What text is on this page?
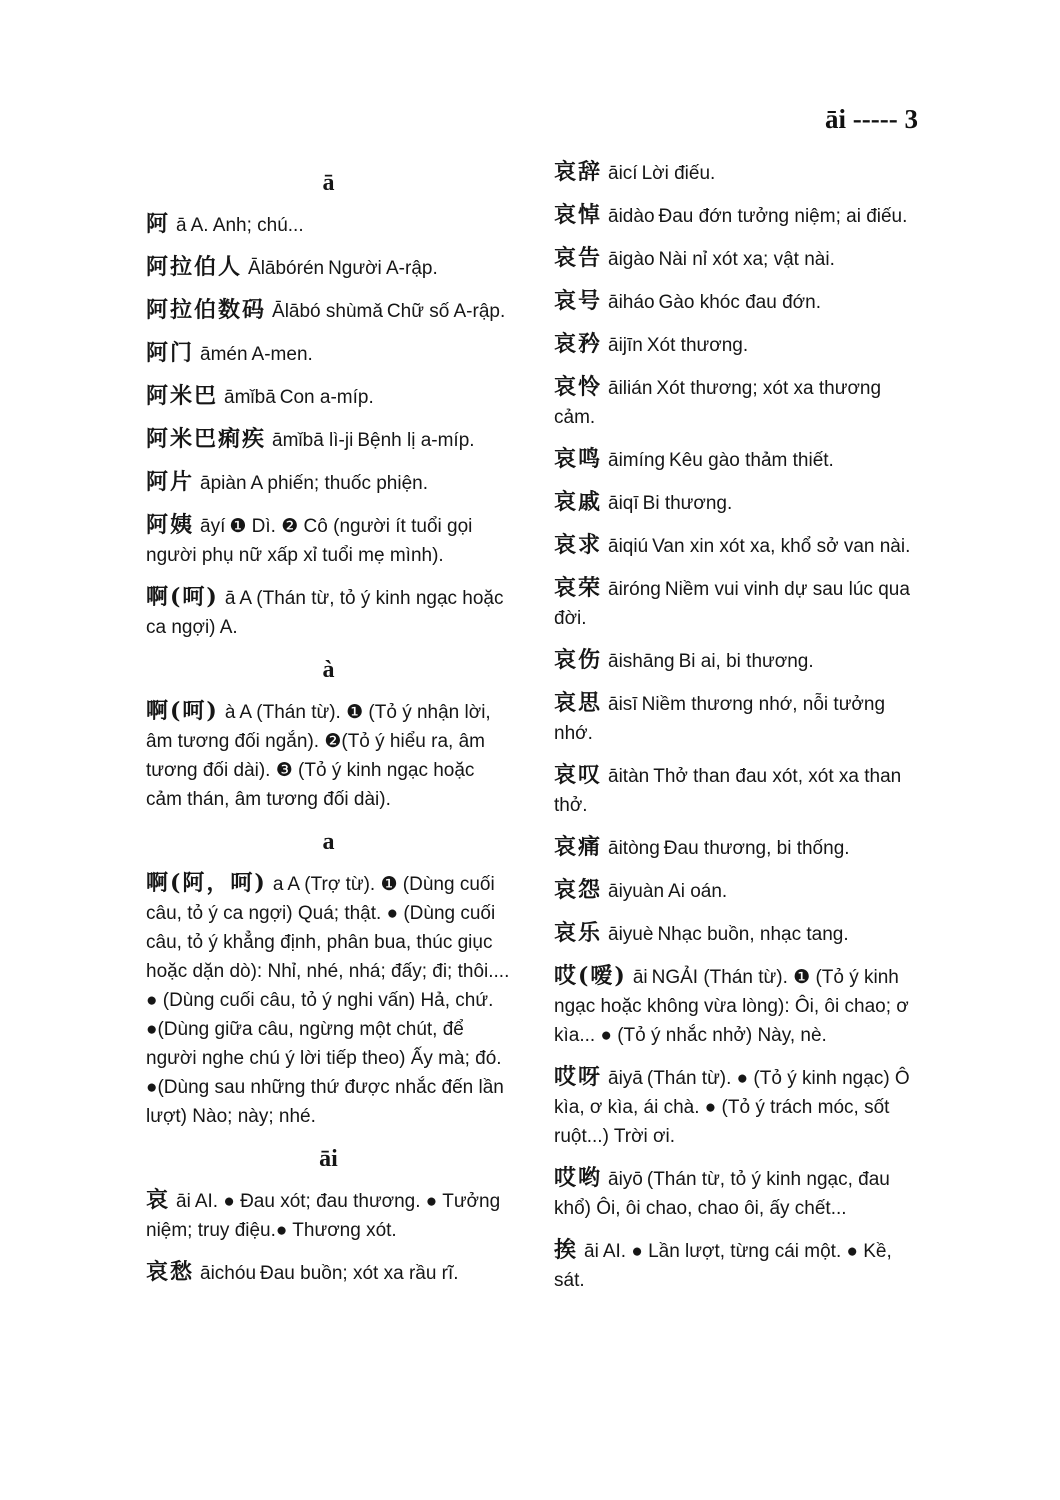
āi ----- 3
ā
阿 ā A. Anh; chú...
阿拉伯人 Ālābórén Người A-rập.
阿拉伯数码 Ālābó shùmǎ Chữ số A-rập.
阿门 āmén A-men.
阿米巴 āmǐbā Con a-míp.
阿米巴痢疾 āmǐbā lì-ji Bệnh lị a-míp.
阿片 āpiàn A phiến; thuốc phiện.
阿姨 āyí ❶ Dì. ❷ Cô (người ít tuổi gọi người phụ nữ xấp xỉ tuổi mẹ mình).
啊(呵) ā A (Thán từ, tỏ ý kinh ngạc hoặc ca ngợi) A.
à
啊(呵) à A (Thán từ). ❶ (Tỏ ý nhận lời, âm tương đối ngắn). ❷(Tỏ ý hiểu ra, âm tương đối dài). ❸ (Tỏ ý kinh ngạc hoặc cảm thán, âm tương đối dài).
a
啊(阿，呵) a A (Trợ từ). ❶ (Dùng cuối câu, tỏ ý ca ngợi) Quá; thật. ● (Dùng cuối câu, tỏ ý khẳng định, phân bua, thúc giục hoặc dặn dò): Nhỉ, nhé, nhá; đấy; đi; thôi.... ● (Dùng cuối câu, tỏ ý nghi vấn) Hả, chứ. ●(Dùng giữa câu, ngừng một chút, để người nghe chú ý lời tiếp theo) Ấy mà; đó. ●(Dùng sau những thứ được nhắc đến lần lượt) Nào; này; nhé.
āi
哀 āi AI. ● Đau xót; đau thương. ● Tưởng niệm; truy điệu.● Thương xót.
哀愁 āichóu Đau buồn; xót xa rầu rĩ.
哀辞 āicí Lời điếu.
哀悼 āidào Đau đớn tưởng niệm; ai điếu.
哀告 āigào Nài nỉ xót xa; vật nài.
哀号 āiháo Gào khóc đau đớn.
哀矜 āijīn Xót thương.
哀怜 āilián Xót thương; xót xa thương cảm.
哀鸣 āimíng Kêu gào thảm thiết.
哀戚 āiqī Bi thương.
哀求 āiqiú Van xin xót xa, khổ sở van nài.
哀荣 āiróng Niềm vui vinh dự sau lúc qua đời.
哀伤 āishāng Bi ai, bi thương.
哀思 āisī Niềm thương nhớ, nỗi tưởng nhớ.
哀叹 āitàn Thở than đau xót, xót xa than thở.
哀痛 āitòng Đau thương, bi thống.
哀怨 āiyuàn Ai oán.
哀乐 āiyuè Nhạc buồn, nhạc tang.
哎(嗳) āi NGẢI (Thán từ). ❶ (Tỏ ý kinh ngạc hoặc không vừa lòng): Ôi, ôi chao; ơ kìa... ● (Tỏ ý nhắc nhở) Này, nè.
哎呀 āiyā (Thán từ). ● (Tỏ ý kinh ngạc) Ô kìa, ơ kìa, ái chà. ● (Tỏ ý trách móc, sốt ruột...) Trời ơi.
哎哟 āiyō (Thán từ, tỏ ý kinh ngạc, đau khổ) Ôi, ôi chao, chao ôi, ấy chết...
挨 āi AI. ● Lần lượt, từng cái một. ● Kề, sát.
